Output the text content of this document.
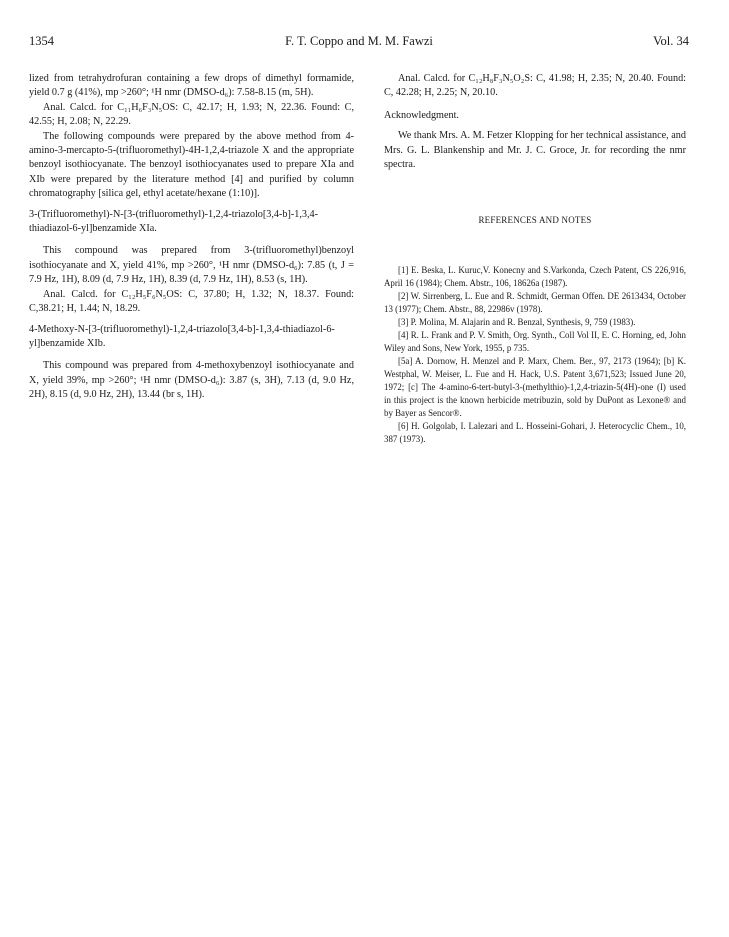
1354	F. T. Coppo and M. M. Fawzi	Vol. 34

lized from tetrahydrofuran containing a few drops of dimethyl formamide, yield 0.7 g (41%), mp >260°; ¹H nmr (DMSO-d₆): 7.58-8.15 (m, 5H).

Anal. Calcd. for C₁₁H₆F₃N₅OS: C, 42.17; H, 1.93; N, 22.36. Found: C, 42.55; H, 2.08; N, 22.29.

The following compounds were prepared by the above method from 4-amino-3-mercapto-5-(trifluoromethyl)-4H-1,2,4-triazole X and the appropriate benzoyl isothiocyanate. The benzoyl isothiocyanates used to prepare XIa and XIb were prepared by the literature method [4] and purified by column chromatography [silica gel, ethyl acetate/hexane (1:10)].

3-(Trifluoromethyl)-N-[3-(trifluoromethyl)-1,2,4-triazolo[3,4-b]-1,3,4-thiadiazol-6-yl]benzamide XIa.

This compound was prepared from 3-(trifluoromethyl)benzoyl isothiocyanate and X, yield 41%, mp >260°, ¹H nmr (DMSO-d₆): 7.85 (t, J = 7.9 Hz, 1H), 8.09 (d, 7.9 Hz, 1H), 8.39 (d, 7.9 Hz, 1H), 8.53 (s, 1H).

Anal. Calcd. for C₁₂H₅F₆N₅OS: C, 37.80; H, 1.32; N, 18.37. Found: C,38.21; H, 1.44; N, 18.29.

4-Methoxy-N-[3-(trifluoromethyl)-1,2,4-triazolo[3,4-b]-1,3,4-thiadiazol-6-yl]benzamide XIb.

This compound was prepared from 4-methoxybenzoyl isothiocyanate and X, yield 39%, mp >260°; ¹H nmr (DMSO-d₆): 3.87 (s, 3H), 7.13 (d, 9.0 Hz, 2H), 8.15 (d, 9.0 Hz, 2H), 13.44 (br s, 1H).

Anal. Calcd. for C₁₂H₈F₃N₅O₂S: C, 41.98; H, 2.35; N, 20.40. Found: C, 42.28; H, 2.25; N, 20.10.

Acknowledgment.

We thank Mrs. A. M. Fetzer Klopping for her technical assistance, and Mrs. G. L. Blankenship and Mr. J. C. Groce, Jr. for recording the nmr spectra.

REFERENCES AND NOTES

[1] E. Beska, L. Kuruc,V. Konecny and S.Varkonda, Czech Patent, CS 226,916, April 16 (1984); Chem. Abstr., 106, 18626a (1987).

[2] W. Sirrenberg, L. Eue and R. Schmidt, German Offen. DE 2613434, October 13 (1977); Chem. Abstr., 88, 22986v (1978).

[3] P. Molina, M. Alajarin and R. Benzal, Synthesis, 9, 759 (1983).

[4] R. L. Frank and P. V. Smith, Org. Synth., Coll Vol II, E. C. Horning, ed, John Wiley and Sons, New York, 1955, p 735.

[5a] A. Dornow, H. Menzel and P. Marx, Chem. Ber., 97, 2173 (1964); [b] K. Westphal, W. Meiser, L. Fue and H. Hack, U.S. Patent 3,671,523; Issued June 20, 1972; [c] The 4-amino-6-tert-butyl-3-(methylthio)-1,2,4-triazin-5(4H)-one (I) used in this project is the known herbicide metribuzin, sold by DuPont as Lexone® and by Bayer as Sencor®.

[6] H. Golgolab, I. Lalezari and L. Hosseini-Gohari, J. Heterocyclic Chem., 10, 387 (1973).
